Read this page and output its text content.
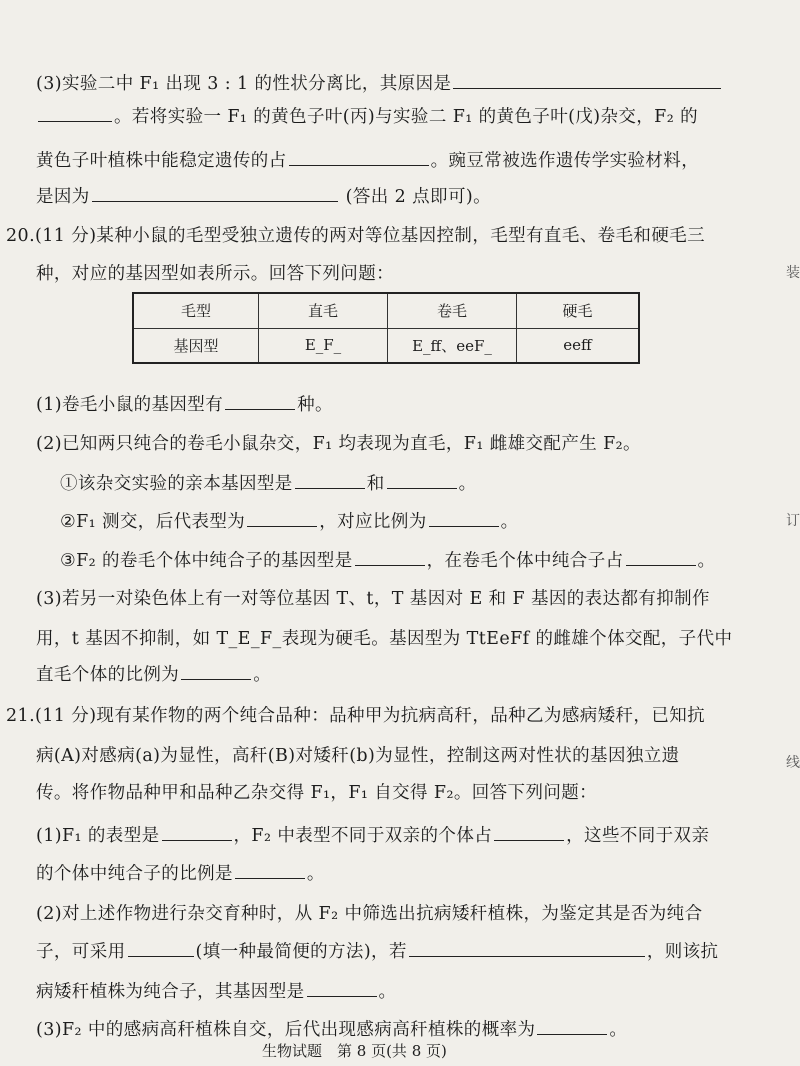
(3)实验二中 F₁ 出现 3 : 1 的性状分离比，其原因是
。若将实验一 F₁ 的黄色子叶(丙)与实验二 F₁ 的黄色子叶(戊)杂交，F₂ 的
黄色子叶植株中能稳定遗传的占	。豌豆常被选作遗传学实验材料，
是因为	(答出 2 点即可)。
20.(11 分)某种小鼠的毛型受独立遗传的两对等位基因控制，毛型有直毛、卷毛和硬毛三
种，对应的基因型如表所示。回答下列问题：
(1)卷毛小鼠的基因型有	种。
(2)已知两只纯合的卷毛小鼠杂交，F₁ 均表现为直毛，F₁ 雌雄交配产生 F₂。
①该杂交实验的亲本基因型是	和	。
②F₁ 测交，后代表型为	，对应比例为	。
③F₂ 的卷毛个体中纯合子的基因型是	，在卷毛个体中纯合子占	。
(3)若另一对染色体上有一对等位基因 T、t，T 基因对 E 和 F 基因的表达都有抑制作
用，t 基因不抑制，如 T_E_F_表现为硬毛。基因型为 TtEeFf 的雌雄个体交配，子代中
直毛个体的比例为	。
21.(11 分)现有某作物的两个纯合品种：品种甲为抗病高秆，品种乙为感病矮秆，已知抗
病(A)对感病(a)为显性，高秆(B)对矮秆(b)为显性，控制这两对性状的基因独立遗
传。将作物品种甲和品种乙杂交得 F₁，F₁ 自交得 F₂。回答下列问题：
(1)F₁ 的表型是	，F₂ 中表型不同于双亲的个体占	，这些不同于双亲
的个体中纯合子的比例是	。
(2)对上述作物进行杂交育种时，从 F₂ 中筛选出抗病矮秆植株，为鉴定其是否为纯合
子，可采用	(填一种最简便的方法)，若	，则该抗
病矮秆植株为纯合子，其基因型是	。
(3)F₂ 中的感病高秆植株自交，后代出现感病高秆植株的概率为	。
毛型	直毛	卷毛	硬毛
基因型	E_F_	E_ff、eeF_	eeff
生物试题　第 8 页(共 8 页)
装
订
线
